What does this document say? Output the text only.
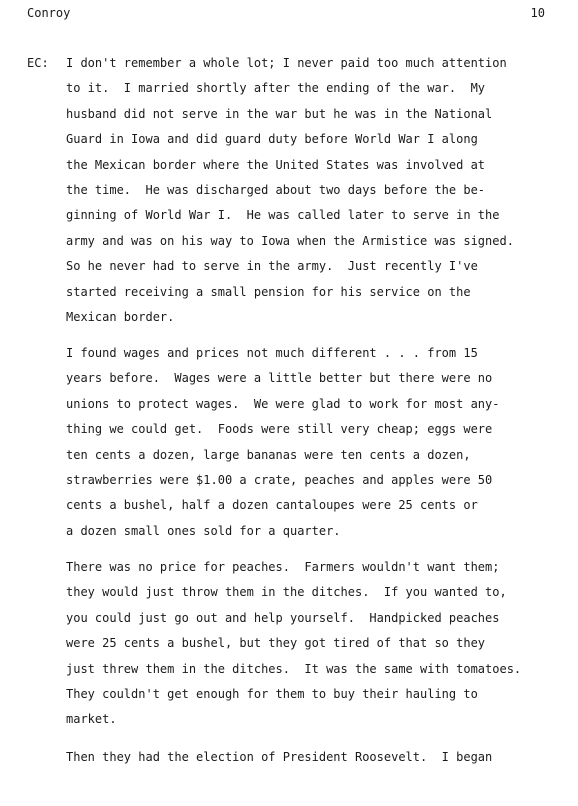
Conroy	10
EC: I don't remember a whole lot; I never paid too much attention
to it.  I married shortly after the ending of the war.  My
husband did not serve in the war but he was in the National
Guard in Iowa and did guard duty before World War I along
the Mexican border where the United States was involved at
the time.  He was discharged about two days before the be-
ginning of World War I.  He was called later to serve in the
army and was on his way to Iowa when the Armistice was signed.
So he never had to serve in the army.  Just recently I've
started receiving a small pension for his service on the
Mexican border.
I found wages and prices not much different . . . from 15
years before.  Wages were a little better but there were no
unions to protect wages.  We were glad to work for most any-
thing we could get.  Foods were still very cheap; eggs were
ten cents a dozen, large bananas were ten cents a dozen,
strawberries were $1.00 a crate, peaches and apples were 50
cents a bushel, half a dozen cantaloupes were 25 cents or
a dozen small ones sold for a quarter.
There was no price for peaches.  Farmers wouldn't want them;
they would just throw them in the ditches.  If you wanted to,
you could just go out and help yourself.  Handpicked peaches
were 25 cents a bushel, but they got tired of that so they
just threw them in the ditches.  It was the same with tomatoes.
They couldn't get enough for them to buy their hauling to
market.
Then they had the election of President Roosevelt.  I began
